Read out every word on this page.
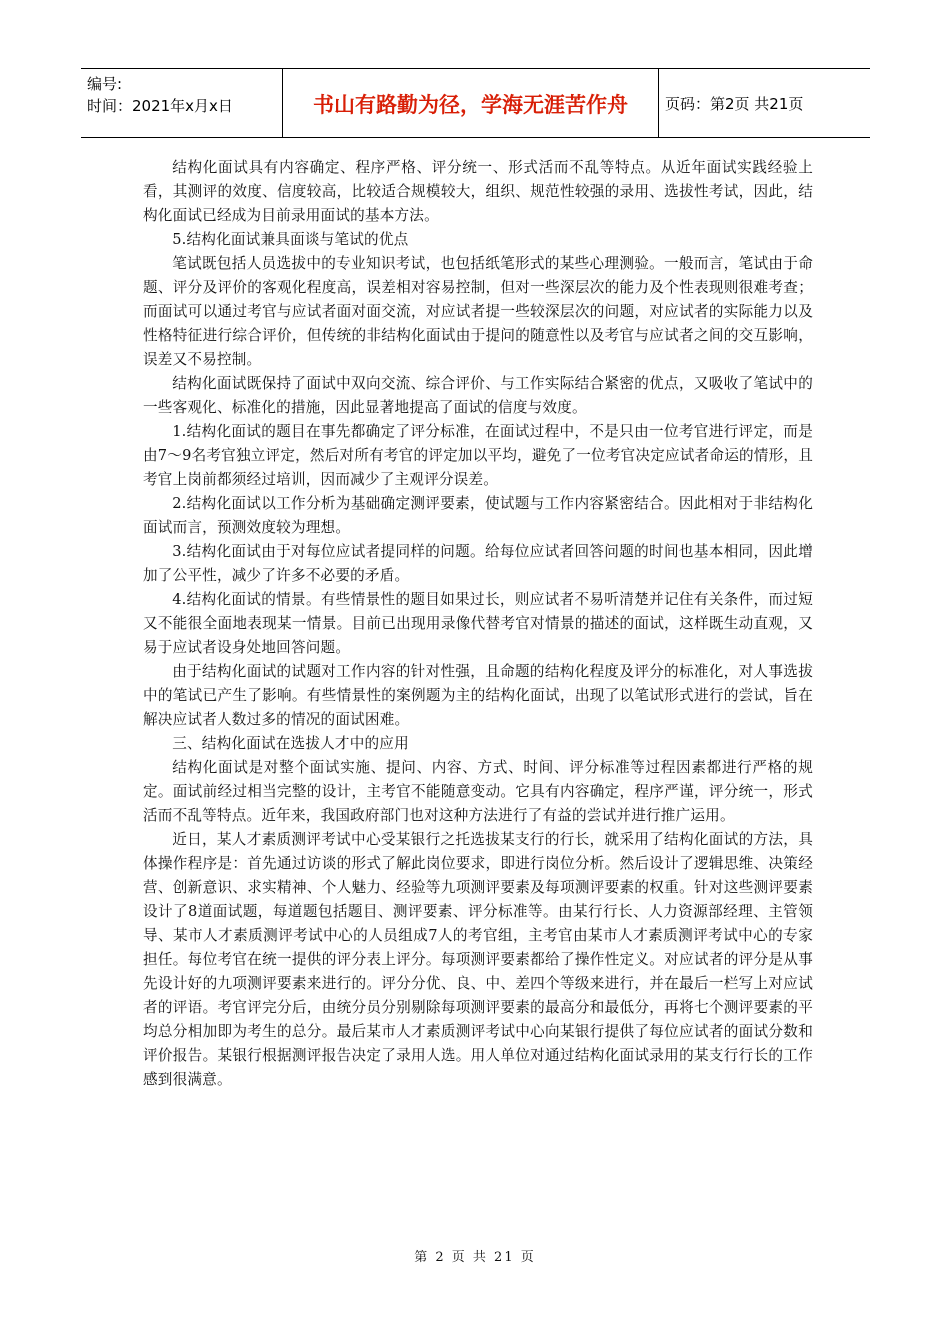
编号:
时间：2021年x月x日	书山有路勤为径，学海无涯苦作舟	页码：第2页 共21页

结构化面试具有内容确定、程序严格、评分统一、形式活而不乱等特点。从近年面试实践经验上看，其测评的效度、信度较高，比较适合规模较大，组织、规范性较强的录用、选拔性考试，因此，结构化面试已经成为目前录用面试的基本方法。

5.结构化面试兼具面谈与笔试的优点

笔试既包括人员选拔中的专业知识考试，也包括纸笔形式的某些心理测验。一般而言，笔试由于命题、评分及评价的客观化程度高，误差相对容易控制，但对一些深层次的能力及个性表现则很难考查；而面试可以通过考官与应试者面对面交流，对应试者提一些较深层次的问题，对应试者的实际能力以及性格特征进行综合评价，但传统的非结构化面试由于提问的随意性以及考官与应试者之间的交互影响，误差又不易控制。

结构化面试既保持了面试中双向交流、综合评价、与工作实际结合紧密的优点，又吸收了笔试中的一些客观化、标准化的措施，因此显著地提高了面试的信度与效度。

1.结构化面试的题目在事先都确定了评分标准，在面试过程中，不是只由一位考官进行评定，而是由7～9名考官独立评定，然后对所有考官的评定加以平均，避免了一位考官决定应试者命运的情形，且考官上岗前都须经过培训，因而减少了主观评分误差。

2.结构化面试以工作分析为基础确定测评要素，使试题与工作内容紧密结合。因此相对于非结构化面试而言，预测效度较为理想。

3.结构化面试由于对每位应试者提同样的问题。给每位应试者回答问题的时间也基本相同，因此增加了公平性，减少了许多不必要的矛盾。

4.结构化面试的情景。有些情景性的题目如果过长，则应试者不易听清楚并记住有关条件，而过短又不能很全面地表现某一情景。目前已出现用录像代替考官对情景的描述的面试，这样既生动直观，又易于应试者设身处地回答问题。

由于结构化面试的试题对工作内容的针对性强，且命题的结构化程度及评分的标准化，对人事选拔中的笔试已产生了影响。有些情景性的案例题为主的结构化面试，出现了以笔试形式进行的尝试，旨在解决应试者人数过多的情况的面试困难。

三、结构化面试在选拔人才中的应用

结构化面试是对整个面试实施、提问、内容、方式、时间、评分标准等过程因素都进行严格的规定。面试前经过相当完整的设计，主考官不能随意变动。它具有内容确定，程序严谨，评分统一，形式活而不乱等特点。近年来，我国政府部门也对这种方法进行了有益的尝试并进行推广运用。

近日，某人才素质测评考试中心受某银行之托选拔某支行的行长，就采用了结构化面试的方法，具体操作程序是：首先通过访谈的形式了解此岗位要求，即进行岗位分析。然后设计了逻辑思维、决策经营、创新意识、求实精神、个人魅力、经验等九项测评要素及每项测评要素的权重。针对这些测评要素设计了8道面试题，每道题包括题目、测评要素、评分标准等。由某行行长、人力资源部经理、主管领导、某市人才素质测评考试中心的人员组成7人的考官组，主考官由某市人才素质测评考试中心的专家担任。每位考官在统一提供的评分表上评分。每项测评要素都给了操作性定义。对应试者的评分是从事先设计好的九项测评要素来进行的。评分分优、良、中、差四个等级来进行，并在最后一栏写上对应试者的评语。考官评完分后，由统分员分别剔除每项测评要素的最高分和最低分，再将七个测评要素的平均总分相加即为考生的总分。最后某市人才素质测评考试中心向某银行提供了每位应试者的面试分数和评价报告。某银行根据测评报告决定了录用人选。用人单位对通过结构化面试录用的某支行行长的工作感到很满意。

第 2 页 共 21 页
